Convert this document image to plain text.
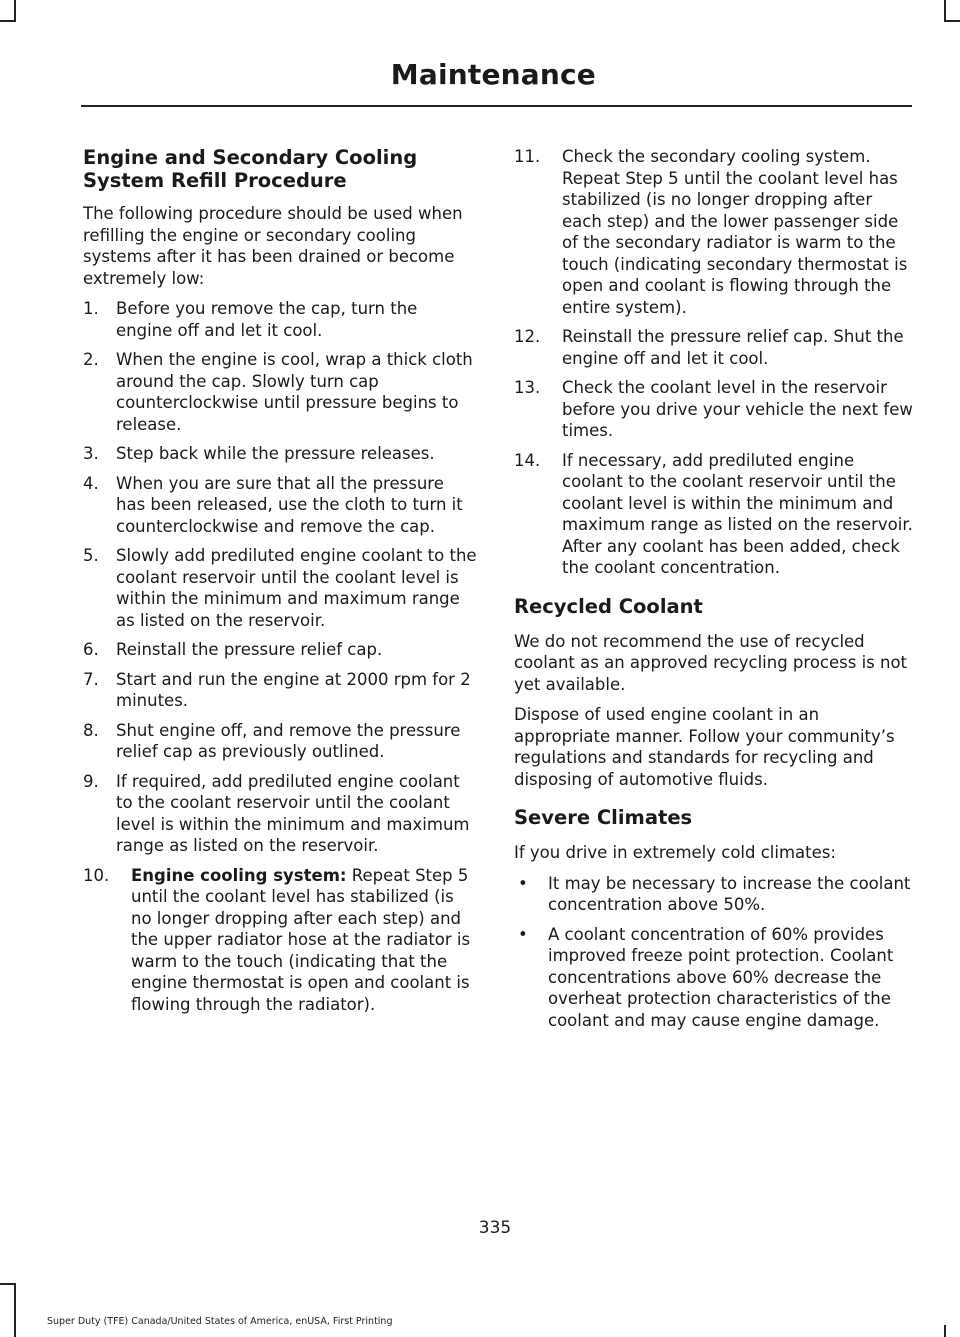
Maintenance
Engine and Secondary Cooling System Refill Procedure

The following procedure should be used when refilling the engine or secondary cooling systems after it has been drained or become extremely low:

1. Before you remove the cap, turn the engine off and let it cool.
2. When the engine is cool, wrap a thick cloth around the cap. Slowly turn cap counterclockwise until pressure begins to release.
3. Step back while the pressure releases.
4. When you are sure that all the pressure has been released, use the cloth to turn it counterclockwise and remove the cap.
5. Slowly add prediluted engine coolant to the coolant reservoir until the coolant level is within the minimum and maximum range as listed on the reservoir.
6. Reinstall the pressure relief cap.
7. Start and run the engine at 2000 rpm for 2 minutes.
8. Shut engine off, and remove the pressure relief cap as previously outlined.
9. If required, add prediluted engine coolant to the coolant reservoir until the coolant level is within the minimum and maximum range as listed on the reservoir.
10. Engine cooling system: Repeat Step 5 until the coolant level has stabilized (is no longer dropping after each step) and the upper radiator hose at the radiator is warm to the touch (indicating that the engine thermostat is open and coolant is flowing through the radiator).
11. Check the secondary cooling system. Repeat Step 5 until the coolant level has stabilized (is no longer dropping after each step) and the lower passenger side of the secondary radiator is warm to the touch (indicating secondary thermostat is open and coolant is flowing through the entire system).
12. Reinstall the pressure relief cap. Shut the engine off and let it cool.
13. Check the coolant level in the reservoir before you drive your vehicle the next few times.
14. If necessary, add prediluted engine coolant to the coolant reservoir until the coolant level is within the minimum and maximum range as listed on the reservoir. After any coolant has been added, check the coolant concentration.
Recycled Coolant

We do not recommend the use of recycled coolant as an approved recycling process is not yet available.

Dispose of used engine coolant in an appropriate manner. Follow your community’s regulations and standards for recycling and disposing of automotive fluids.

Severe Climates

If you drive in extremely cold climates:

• It may be necessary to increase the coolant concentration above 50%.
• A coolant concentration of 60% provides improved freeze point protection. Coolant concentrations above 60% decrease the overheat protection characteristics of the coolant and may cause engine damage.
335
Super Duty (TFE) Canada/United States of America, enUSA, First Printing
